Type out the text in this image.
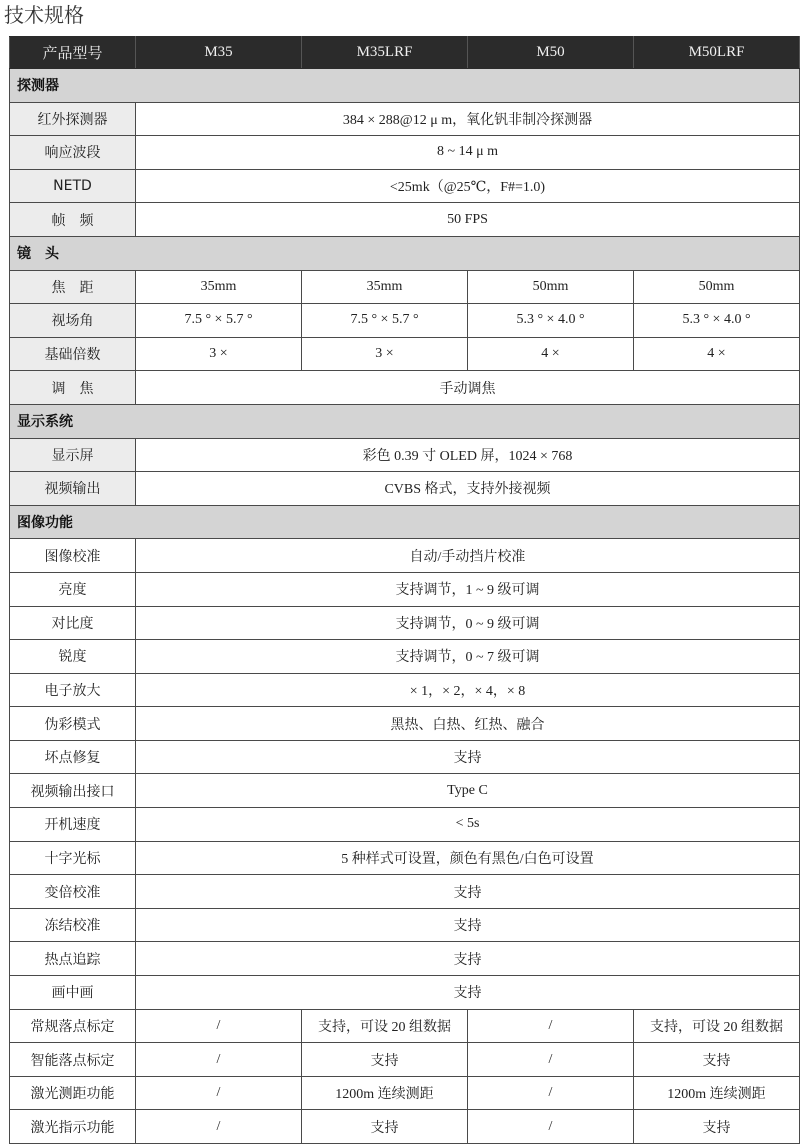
技术规格
产品型号	M35	M35LRF	M50	M50LRF
探测器				
红外探测器	384 × 288@12 μ m，氧化钒非制冷探测器			
响应波段	8 ~ 14 μ m			
NETD	<25mk（@25℃，F#=1.0)			
帧　频	50 FPS			
镜　头				
焦　距	35mm	35mm	50mm	50mm
视场角	7.5 ° × 5.7 °	7.5 ° × 5.7 °	5.3 ° × 4.0 °	5.3 ° × 4.0 °
基础倍数	3 ×	3 ×	4 ×	4 ×
调　焦	手动调焦			
显示系统				
显示屏	彩色 0.39 寸 OLED 屏，1024 × 768			
视频输出	CVBS 格式，支持外接视频			
图像功能				
图像校准	自动/手动挡片校准			
亮度	支持调节，1 ~ 9 级可调			
对比度	支持调节，0 ~ 9 级可调			
锐度	支持调节，0 ~ 7 级可调			
电子放大	× 1，× 2，× 4，× 8			
伪彩模式	黑热、白热、红热、融合			
坏点修复	支持			
视频输出接口	Type C			
开机速度	< 5s			
十字光标	5 种样式可设置，颜色有黑色/白色可设置			
变倍校准	支持			
冻结校准	支持			
热点追踪	支持			
画中画	支持			
常规落点标定	/	支持，可设 20 组数据	/	支持，可设 20 组数据
智能落点标定	/	支持	/	支持
激光测距功能	/	1200m 连续测距	/	1200m 连续测距
激光指示功能	/	支持	/	支持
